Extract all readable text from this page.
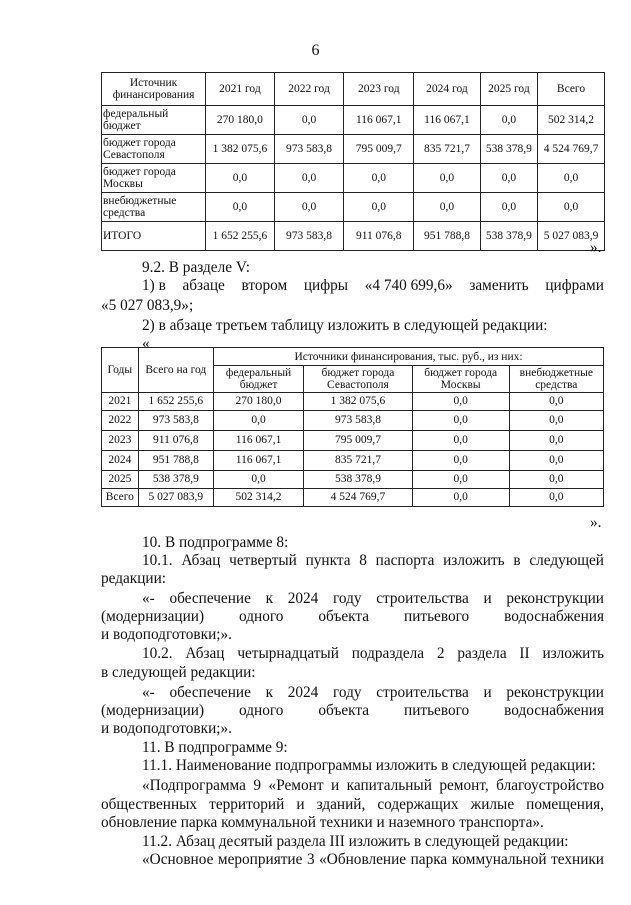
6
Источник финансирования	2021 год	2022 год	2023 год	2024 год	2025 год	Всего
федеральный бюджет	270 180,0	0,0	116 067,1	116 067,1	0,0	502 314,2
бюджет города Севастополя	1 382 075,6	973 583,8	795 009,7	835 721,7	538 378,9	4 524 769,7
бюджет города Москвы	0,0	0,0	0,0	0,0	0,0	0,0
внебюджетные средства	0,0	0,0	0,0	0,0	0,0	0,0
ИТОГО	1 652 255,6	973 583,8	911 076,8	951 788,8	538 378,9	5 027 083,9
».
9.2. В разделе V:
1) в абзаце втором цифры «4 740 699,6» заменить цифрами
«5 027 083,9»;
2) в абзаце третьем таблицу изложить в следующей редакции:
«
Годы	Всего на год	Источники финансирования, тыс. руб., из них:			
		федеральный бюджет	бюджет города Севастополя	бюджет города Москвы	внебюджетные средства
2021	1 652 255,6	270 180,0	1 382 075,6	0,0	0,0
2022	973 583,8	0,0	973 583,8	0,0	0,0
2023	911 076,8	116 067,1	795 009,7	0,0	0,0
2024	951 788,8	116 067,1	835 721,7	0,0	0,0
2025	538 378,9	0,0	538 378,9	0,0	0,0
Всего	5 027 083,9	502 314,2	4 524 769,7	0,0	0,0
».
10. В подпрограмме 8:
10.1. Абзац четвертый пункта 8 паспорта изложить в следующей
редакции:
«- обеспечение к 2024 году строительства и реконструкции
(модернизации) одного объекта питьевого водоснабжения
и водоподготовки;».
10.2. Абзац четырнадцатый подраздела 2 раздела II изложить
в следующей редакции:
«- обеспечение к 2024 году строительства и реконструкции
(модернизации) одного объекта питьевого водоснабжения
и водоподготовки;».
11. В подпрограмме 9:
11.1. Наименование подпрограммы изложить в следующей редакции:
«Подпрограмма 9 «Ремонт и капитальный ремонт, благоустройство
общественных территорий и зданий, содержащих жилые помещения,
обновление парка коммунальной техники и наземного транспорта».
11.2. Абзац десятый раздела III изложить в следующей редакции:
«Основное мероприятие 3 «Обновление парка коммунальной техники
